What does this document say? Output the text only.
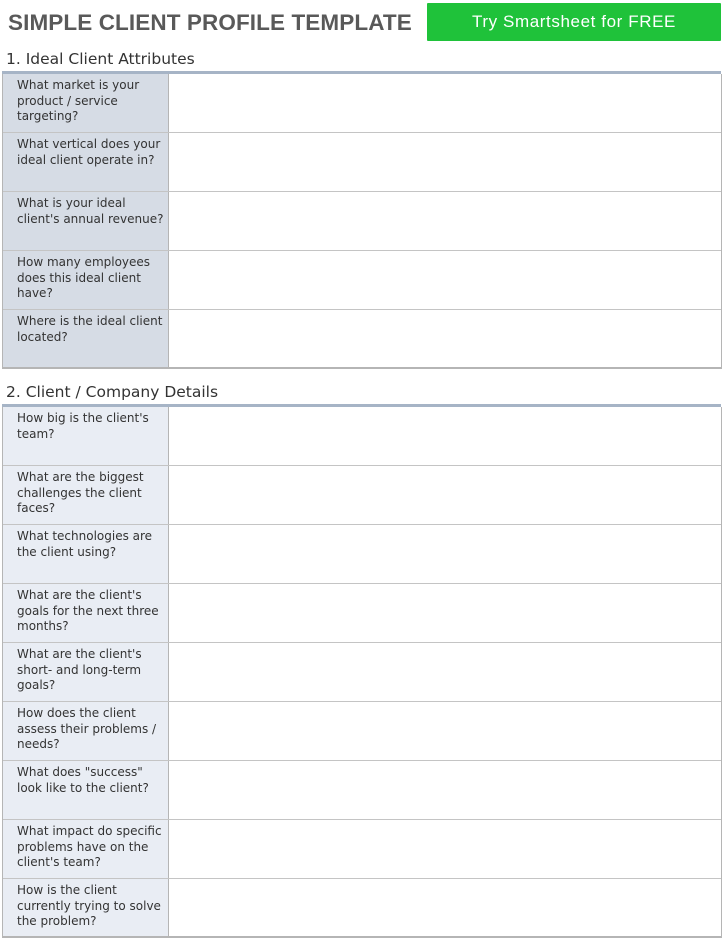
SIMPLE CLIENT PROFILE TEMPLATE	Try Smartsheet for FREE
1. Ideal Client Attributes
What market is your product / service targeting?
What vertical does your ideal client operate in?
What is your ideal client's annual revenue?
How many employees does this ideal client have?
Where is the ideal client located?
2. Client / Company Details
How big is the client's team?
What are the biggest challenges the client faces?
What technologies are the client using?
What are the client's goals for the next three months?
What are the client's short- and long-term goals?
How does the client assess their problems / needs?
What does "success" look like to the client?
What impact do specific problems have on the client's team?
How is the client currently trying to solve the problem?
